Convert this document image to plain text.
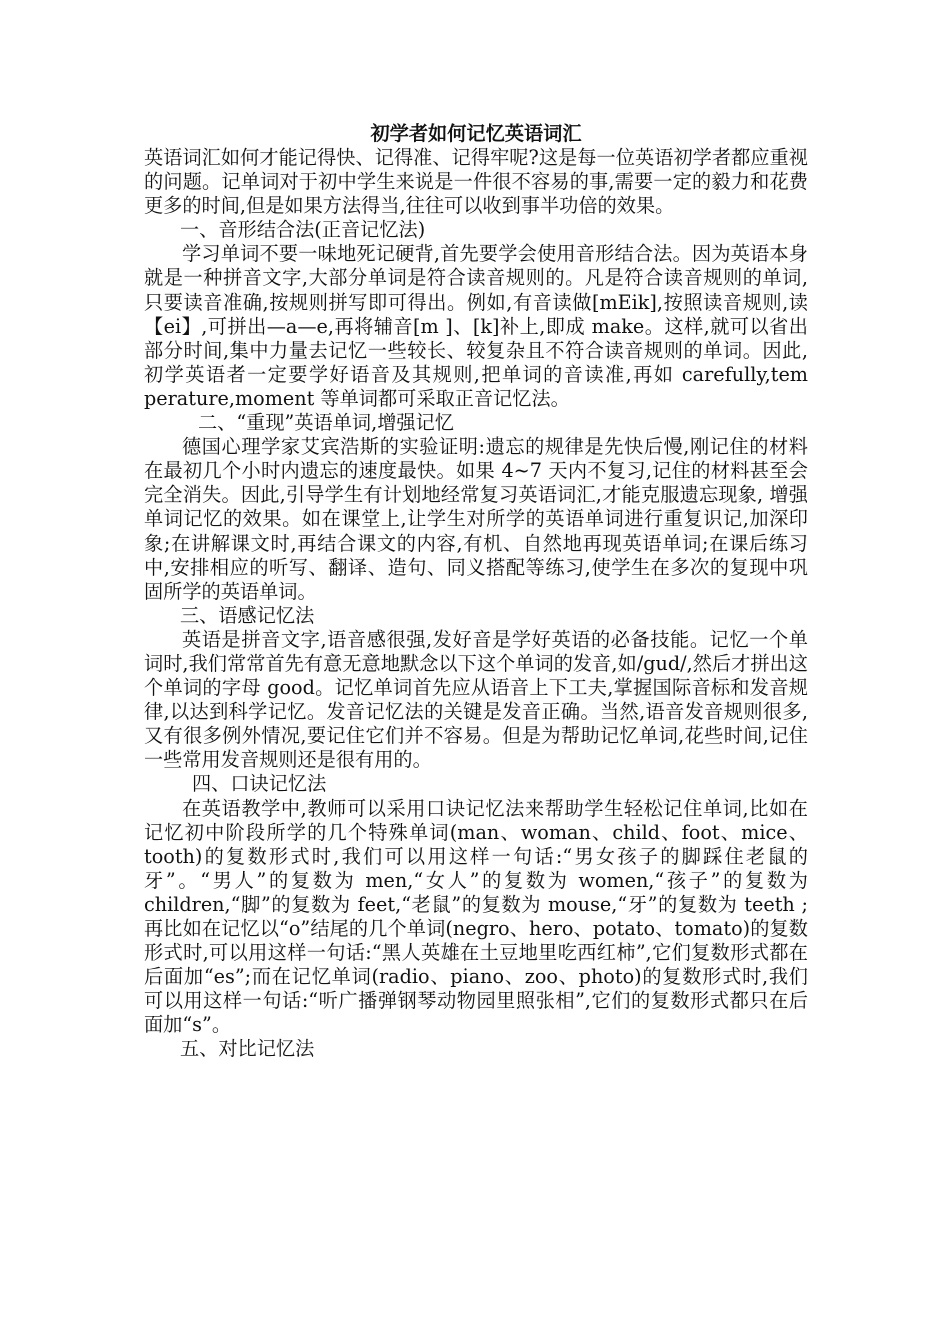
初学者如何记忆英语词汇

英语词汇如何才能记得快、记得准、记得牢呢?这是每一位英语初学者都应重视的问题。记单词对于初中学生来说是一件很不容易的事,需要一定的毅力和花费更多的时间,但是如果方法得当,往往可以收到事半功倍的效果。

一、音形结合法(正音记忆法)

学习单词不要一味地死记硬背,首先要学会使用音形结合法。因为英语本身就是一种拼音文字,大部分单词是符合读音规则的。凡是符合读音规则的单词,只要读音准确,按规则拼写即可得出。例如,有音读做[mEik],按照读音规则,读【ei】,可拼出—a—e,再将辅音[m ]、[k]补上,即成 make。这样,就可以省出部分时间,集中力量去记忆一些较长、较复杂且不符合读音规则的单词。因此,初学英语者一定要学好语音及其规则,把单词的音读准,再如 carefully,tem perature,moment 等单词都可采取正音记忆法。

二、“重现”英语单词,增强记忆

德国心理学家艾宾浩斯的实验证明:遗忘的规律是先快后慢,刚记住的材料在最初几个小时内遗忘的速度最快。如果 4~7 天内不复习,记住的材料甚至会完全消失。因此,引导学生有计划地经常复习英语词汇,才能克服遗忘现象, 增强单词记忆的效果。如在课堂上,让学生对所学的英语单词进行重复识记,加深印象;在讲解课文时,再结合课文的内容,有机、自然地再现英语单词;在课后练习中,安排相应的听写、翻译、造句、同义搭配等练习,使学生在多次的复现中巩固所学的英语单词。

三、语感记忆法

英语是拼音文字,语音感很强,发好音是学好英语的必备技能。记忆一个单词时,我们常常首先有意无意地默念以下这个单词的发音,如/gud/,然后才拼出这个单词的字母 good。记忆单词首先应从语音上下工夫,掌握国际音标和发音规律,以达到科学记忆。发音记忆法的关键是发音正确。当然,语音发音规则很多,又有很多例外情况,要记住它们并不容易。但是为帮助记忆单词,花些时间,记住一些常用发音规则还是很有用的。

四、口诀记忆法

在英语教学中,教师可以采用口诀记忆法来帮助学生轻松记住单词,比如在记忆初中阶段所学的几个特殊单词(man、woman、child、foot、mice、tooth)的复数形式时,我们可以用这样一句话:“男女孩子的脚踩住老鼠的牙”。“男人”的复数为 men,“女人”的复数为 women,“孩子”的复数为 children,“脚”的复数为 feet,“老鼠”的复数为 mouse,“牙”的复数为 teeth ;再比如在记忆以“o”结尾的几个单词(negro、hero、potato、tomato)的复数形式时,可以用这样一句话:“黑人英雄在土豆地里吃西红柿”,它们复数形式都在后面加“es”;而在记忆单词(radio、piano、zoo、photo)的复数形式时,我们可以用这样一句话:“听广播弹钢琴动物园里照张相”,它们的复数形式都只在后面加“s”。

五、对比记忆法
